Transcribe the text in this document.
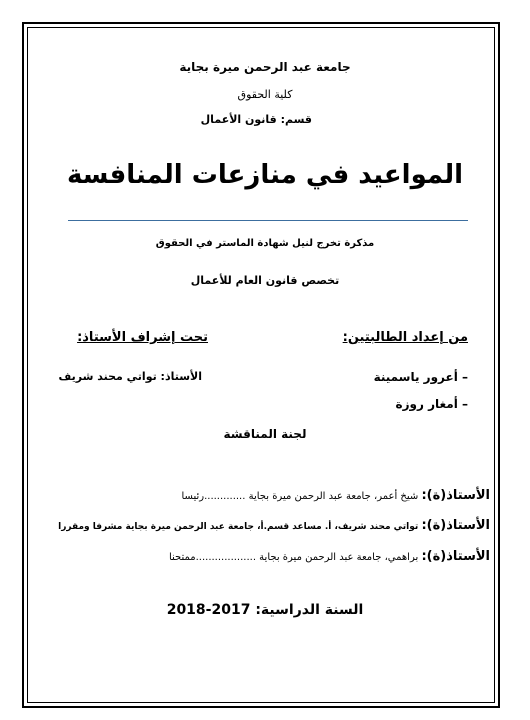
جامعة عبد الرحمن ميرة بجاية
كلية الحقوق
قسم: قانون الأعمال
المواعيد في منازعات المنافسة
مذكرة تخرج لنيل شهادة الماستر في الحقوق
تخصص قانون العام للأعمال
من إعداد الطالبتين:
تحت إشراف الأستاذ:
– أعرور ياسمينة
– أمغار روزة
الأستاذ: تواتي محند شريف
لجنة المناقشة
الأستاذ(ة): شيخ أعمر، جامعة عبد الرحمن ميرة بجاية .............رئيسا
الأستاذ(ة): تواتي محند شريف، أ. مساعد قسم.أ، جامعة عبد الرحمن ميرة بجاية مشرفا ومقررا
الأستاذ(ة): براهمي، جامعة عبد الرحمن ميرة بجاية ...................ممتحنا
السنة الدراسية: 2017-2018
